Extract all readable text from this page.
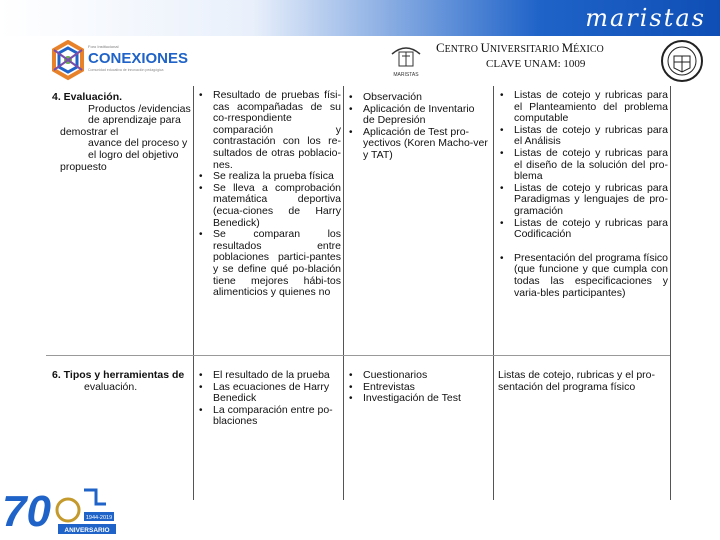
maristas
Foro Institucional
CONEXIONES
Comunidad educativa de innovación pedagógica
MARISTAS
CENTRO UNIVERSITARIO MÉXICO
CLAVE UNAM: 1009
4. Evaluación.
Productos /evidencias
de aprendizaje para
demostrar el
avance del proceso y
el logro del objetivo
propuesto
• Resultado de pruebas físi-cas acompañadas de su co-rrespondiente comparación y contrastación con los re-sultados de otras poblacio-nes.
• Se realiza la prueba física
• Se lleva a comprobación matemática deportiva (ecua-ciones de Harry Benedick)
• Se comparan los resultados entre poblaciones partici-pantes y se define qué po-blación tiene mejores hábi-tos alimenticios y quienes no
• Observación
• Aplicación de Inventario de Depresión
• Aplicación de Test pro-yectivos (Koren Macho-ver y TAT)
• Listas de cotejo y rubricas para el Planteamiento del problema computable
• Listas de cotejo y rubricas para el Análisis
• Listas de cotejo y rubricas para el diseño de la solución del pro-blema
• Listas de cotejo y rubricas para Paradigmas y lenguajes de pro-gramación
• Listas de cotejo y rubricas para Codificación
• Presentación del programa físico (que funcione y que cumpla con todas las especificaciones y varia-bles participantes)
6. Tipos y herramientas de
evaluación.
• El resultado de la prueba
• Las ecuaciones de Harry Benedick
• La comparación entre po-blaciones
• Cuestionarios
• Entrevistas
• Investigación de Test
Listas de cotejo, rubricas y el pro-sentación del programa físico
70	1944-2019
ANIVERSARIO
